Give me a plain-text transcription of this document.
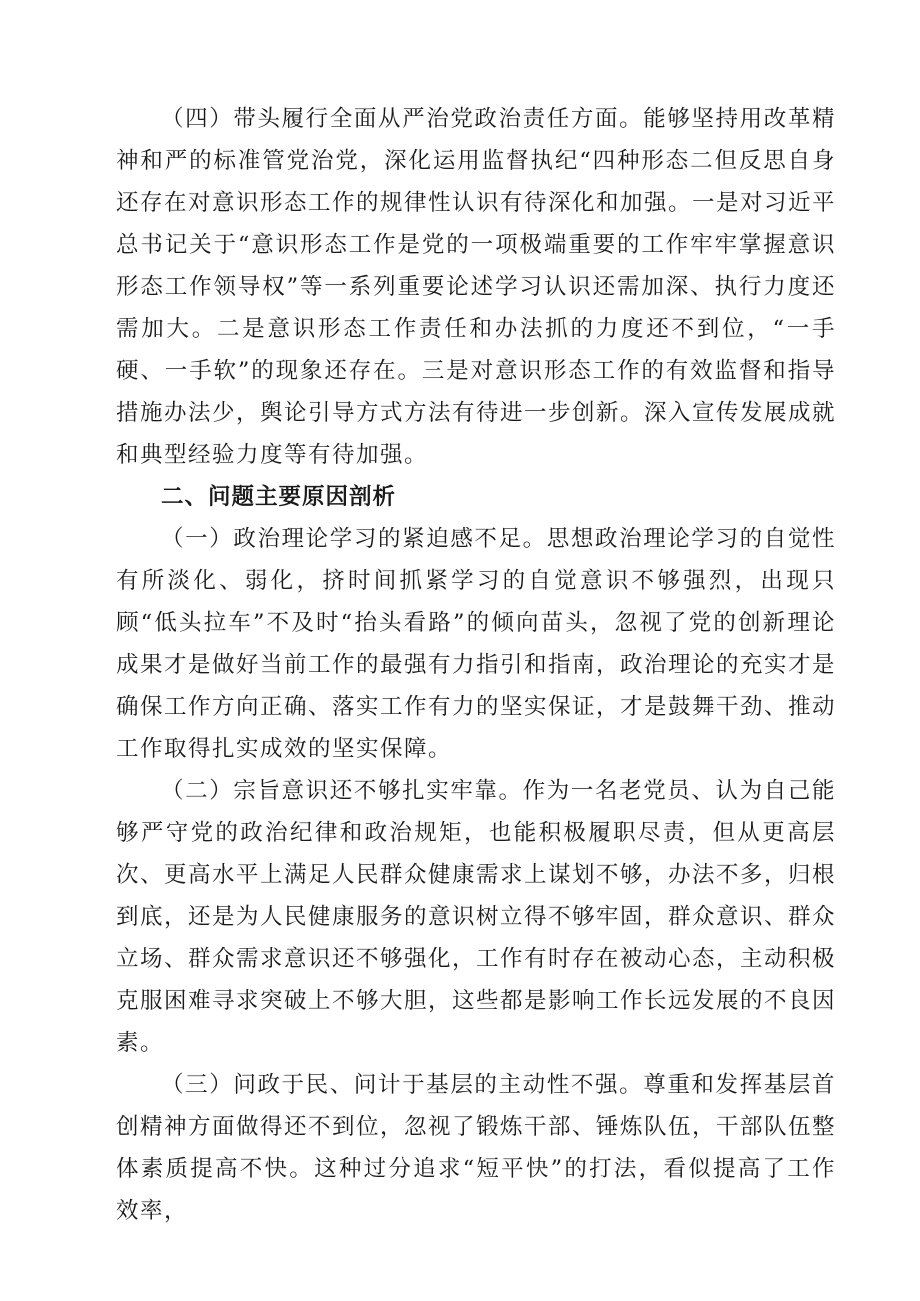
（四）带头履行全面从严治党政治责任方面。能够坚持用改革精神和严的标准管党治党，深化运用监督执纪“四种形态二但反思自身还存在对意识形态工作的规律性认识有待深化和加强。一是对习近平总书记关于“意识形态工作是党的一项极端重要的工作牢牢掌握意识形态工作领导权”等一系列重要论述学习认识还需加深、执行力度还需加大。二是意识形态工作责任和办法抓的力度还不到位，“一手硬、一手软”的现象还存在。三是对意识形态工作的有效监督和指导措施办法少，舆论引导方式方法有待进一步创新。深入宣传发展成就和典型经验力度等有待加强。

二、问题主要原因剖析

（一）政治理论学习的紧迫感不足。思想政治理论学习的自觉性有所淡化、弱化，挤时间抓紧学习的自觉意识不够强烈，出现只顾“低头拉车”不及时“抬头看路”的倾向苗头，忽视了党的创新理论成果才是做好当前工作的最强有力指引和指南，政治理论的充实才是确保工作方向正确、落实工作有力的坚实保证，才是鼓舞干劲、推动工作取得扎实成效的坚实保障。

（二）宗旨意识还不够扎实牢靠。作为一名老党员、认为自己能够严守党的政治纪律和政治规矩，也能积极履职尽责，但从更高层次、更高水平上满足人民群众健康需求上谋划不够，办法不多，归根到底，还是为人民健康服务的意识树立得不够牢固，群众意识、群众立场、群众需求意识还不够强化，工作有时存在被动心态，主动积极克服困难寻求突破上不够大胆，这些都是影响工作长远发展的不良因素。

（三）问政于民、问计于基层的主动性不强。尊重和发挥基层首创精神方面做得还不到位，忽视了锻炼干部、锤炼队伍，干部队伍整体素质提高不快。这种过分追求“短平快”的打法，看似提高了工作效率，
